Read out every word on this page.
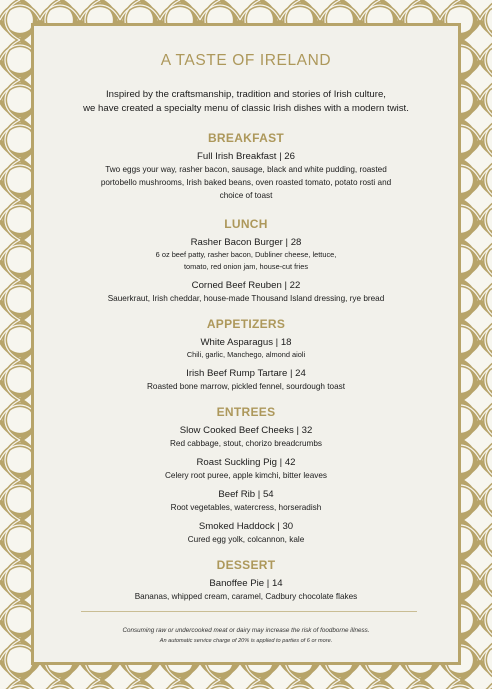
A TASTE OF IRELAND
Inspired by the craftsmanship, tradition and stories of Irish culture,
we have created a specialty menu of classic Irish dishes with a modern twist.
BREAKFAST

Full Irish Breakfast | 26

Two eggs your way, rasher bacon, sausage, black and white pudding, roasted

portobello mushrooms, Irish baked beans, oven roasted tomato, potato rosti and

choice of toast

LUNCH

Rasher Bacon Burger | 28

6 oz beef patty, rasher bacon, Dubliner cheese, lettuce,

tomato, red onion jam, house-cut fries

Corned Beef Reuben | 22

Sauerkraut, Irish cheddar, house-made Thousand Island dressing, rye bread

APPETIZERS

White Asparagus | 18

Chili, garlic, Manchego, almond aioli

Irish Beef Rump Tartare | 24

Roasted bone marrow, pickled fennel, sourdough toast

ENTREES

Slow Cooked Beef Cheeks | 32

Red cabbage, stout, chorizo breadcrumbs

Roast Suckling Pig | 42

Celery root puree, apple kimchi, bitter leaves

Beef Rib | 54

Root vegetables, watercress, horseradish

Smoked Haddock | 30

Cured egg yolk, colcannon, kale

DESSERT

Banoffee Pie | 14

Bananas, whipped cream, caramel, Cadbury chocolate flakes

Consuming raw or undercooked meat or dairy may increase the risk of foodborne illness.
An automatic service charge of 20% is applied to parties of 6 or more.
